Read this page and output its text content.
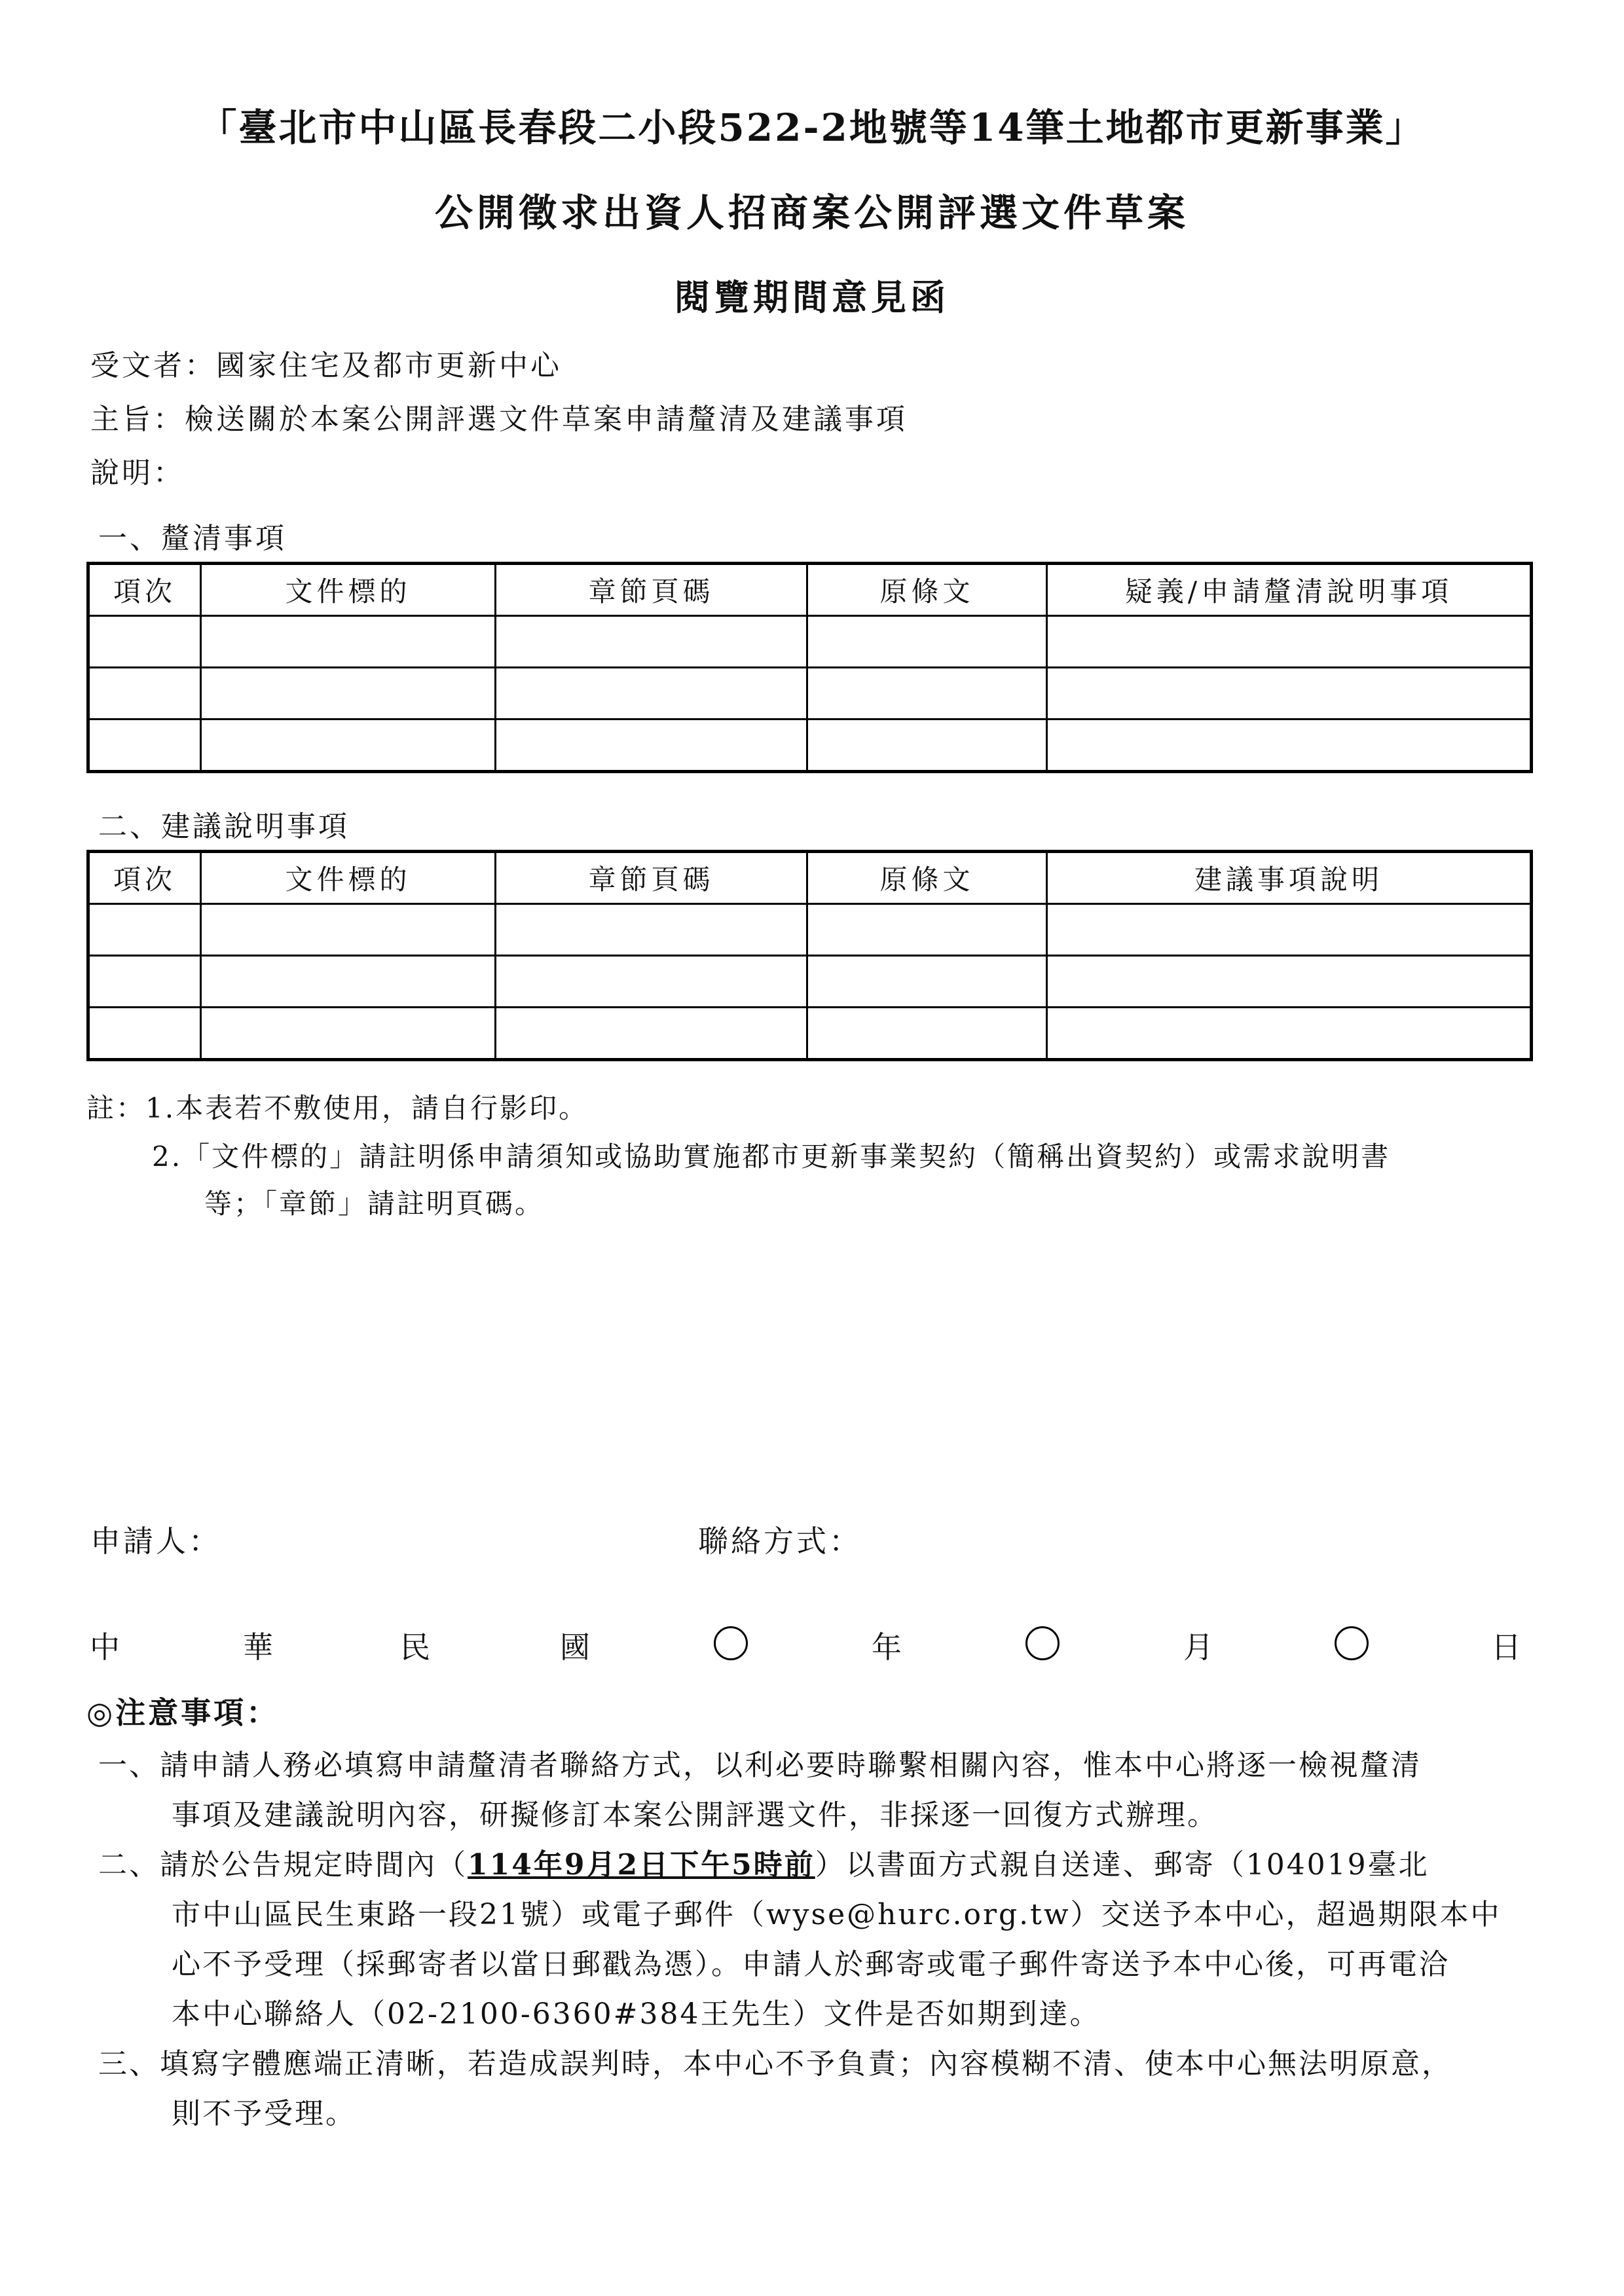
「臺北市中山區長春段二小段522-2地號等14筆土地都市更新事業」
公開徵求出資人招商案公開評選文件草案
閱覽期間意見函
受文者：國家住宅及都市更新中心
主旨：檢送關於本案公開評選文件草案申請釐清及建議事項
說明：
一、釐清事項
項次	文件標的	章節頁碼	原條文	疑義/申請釐清說明事項

二、建議說明事項
項次	文件標的	章節頁碼	原條文	建議事項說明

註：1.本表若不敷使用，請自行影印。
2.「文件標的」請註明係申請須知或協助實施都市更新事業契約（簡稱出資契約）或需求說明書
等；「章節」請註明頁碼。
申請人：	聯絡方式：
中	華	民	國	年	月	日
◎注意事項：
一、請申請人務必填寫申請釐清者聯絡方式，以利必要時聯繫相關內容，惟本中心將逐一檢視釐清
事項及建議說明內容，研擬修訂本案公開評選文件，非採逐一回復方式辦理。
二、請於公告規定時間內（114年9月2日下午5時前）以書面方式親自送達、郵寄（104019臺北
市中山區民生東路一段21號）或電子郵件（wyse@hurc.org.tw）交送予本中心，超過期限本中
心不予受理（採郵寄者以當日郵戳為憑）。申請人於郵寄或電子郵件寄送予本中心後，可再電洽
本中心聯絡人（02-2100-6360#384王先生）文件是否如期到達。
三、填寫字體應端正清晰，若造成誤判時，本中心不予負責；內容模糊不清、使本中心無法明原意，
則不予受理。
